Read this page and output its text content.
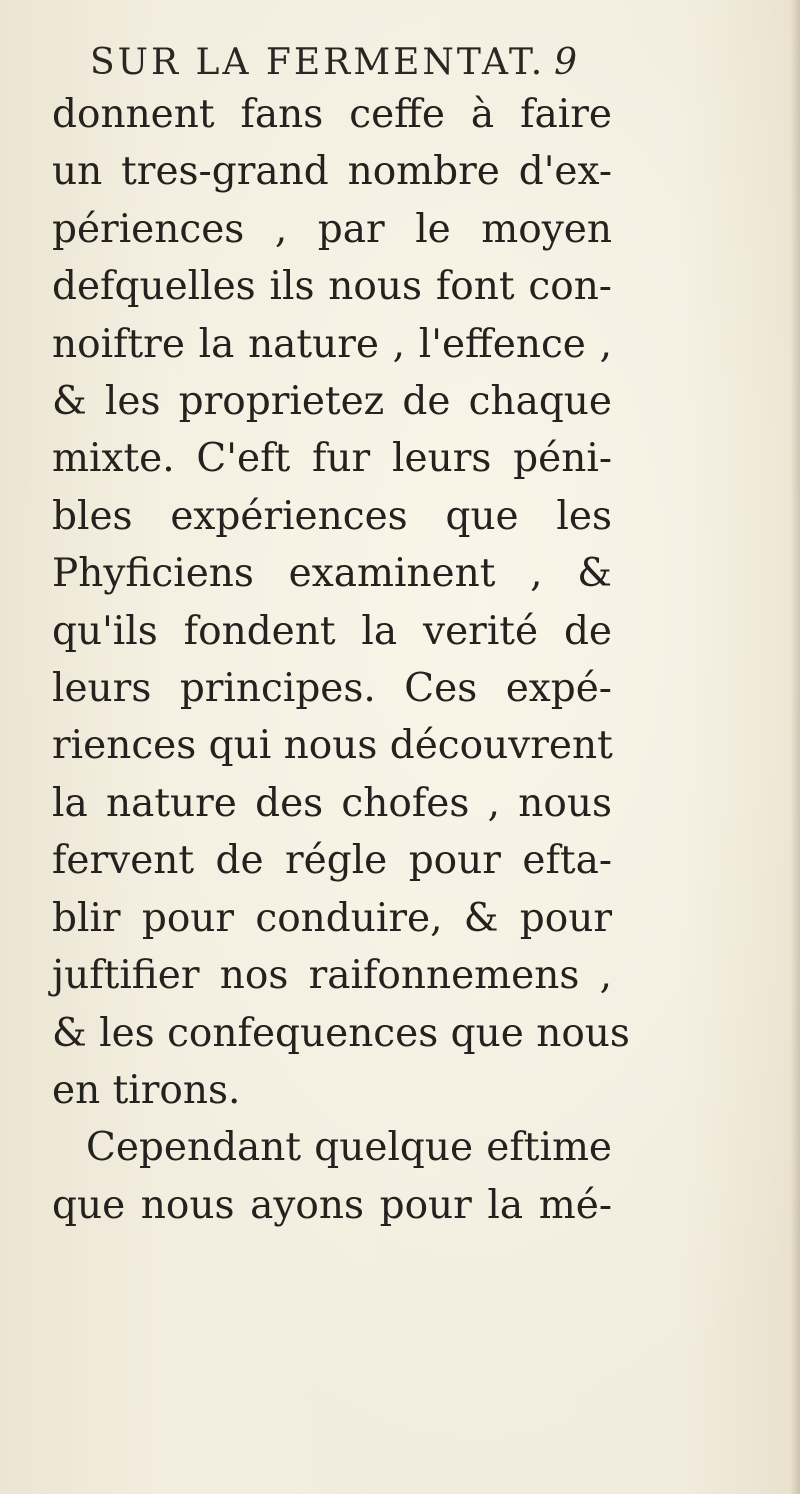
SUR LA FERMENTAT. 9
donnent fans ceffe à faire
un tres-grand nombre d'ex-
périences , par le moyen
defquelles ils nous font con-
noiftre la nature , l'effence ,
& les proprietez de chaque
mixte. C'eft fur leurs péni-
bles expériences que les
Phyficiens examinent , &
qu'ils fondent la verité de
leurs principes. Ces expé-
riences qui nous découvrent
la nature des chofes , nous
fervent de régle pour efta-
blir pour conduire, & pour
juftifier nos raifonnemens ,
& les confequences que nous
en tirons.
Cependant quelque eftime
que nous ayons pour la mé-
